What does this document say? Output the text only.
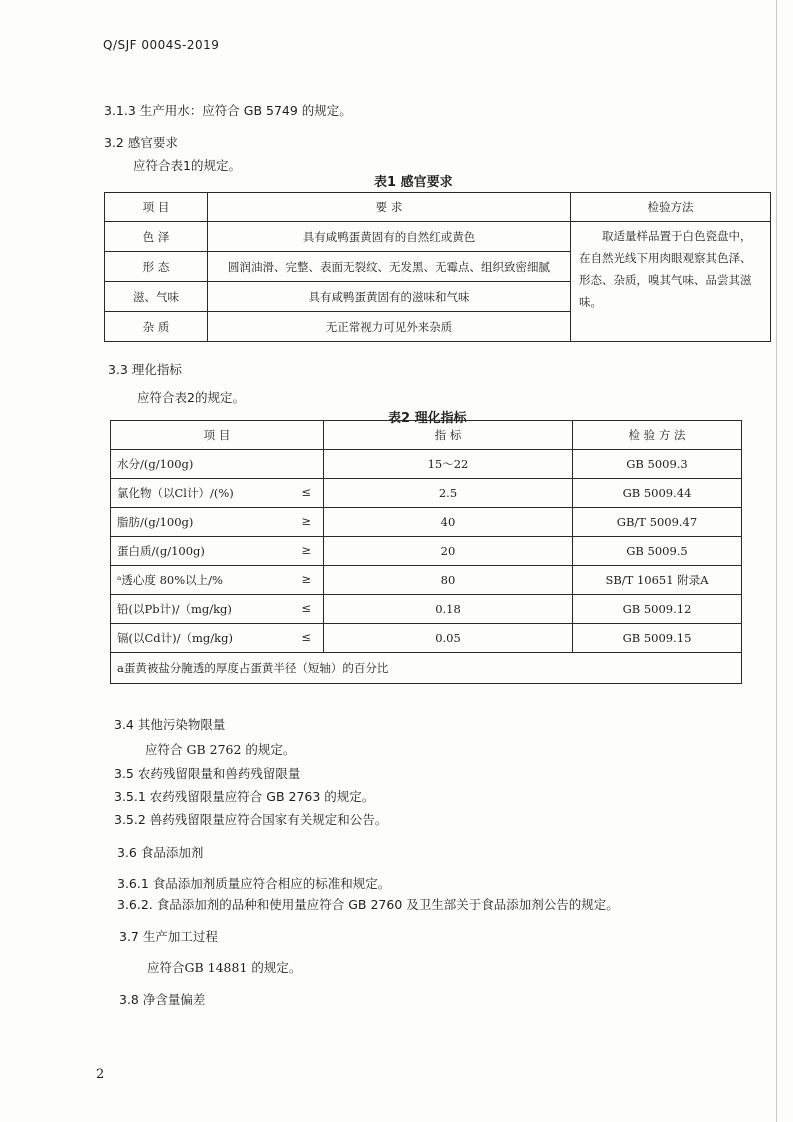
Q/SJF 0004S-2019
3.1.3 生产用水：应符合 GB 5749 的规定。
3.2 感官要求
应符合表1的规定。
表1 感官要求
项 目	要 求	检验方法
色 泽	具有咸鸭蛋黄固有的自然红或黄色	取适量样品置于白色瓷盘中，在自然光线下用肉眼观察其色泽、形态、杂质，嗅其气味、品尝其滋味。
形 态	圆润油滑、完整、表面无裂纹、无发黑、无霉点、组织致密细腻	
滋、气味	具有咸鸭蛋黄固有的滋味和气味	
杂 质	无正常视力可见外来杂质	
3.3 理化指标
应符合表2的规定。
表2 理化指标
项 目	指 标	检 验 方 法
水分/(g/100g)	15～22	GB 5009.3
氯化物（以Cl计）/(%) ≤	2.5	GB 5009.44
脂肪/(g/100g) ≥	40	GB/T 5009.47
蛋白质/(g/100g) ≥	20	GB 5009.5
ᵃ透心度 80%以上/% ≥	80	SB/T 10651 附录A
铅(以Pb计)/（mg/kg) ≤	0.18	GB 5009.12
镉(以Cd计)/（mg/kg) ≤	0.05	GB 5009.15
a蛋黄被盐分腌透的厚度占蛋黄半径（短轴）的百分比		
3.4 其他污染物限量
应符合 GB 2762 的规定。
3.5 农药残留限量和兽药残留限量
3.5.1 农药残留限量应符合 GB 2763 的规定。
3.5.2 兽药残留限量应符合国家有关规定和公告。
3.6 食品添加剂
3.6.1 食品添加剂质量应符合相应的标准和规定。
3.6.2. 食品添加剂的品种和使用量应符合 GB 2760 及卫生部关于食品添加剂公告的规定。
3.7 生产加工过程
应符合GB 14881 的规定。
3.8 净含量偏差
2
